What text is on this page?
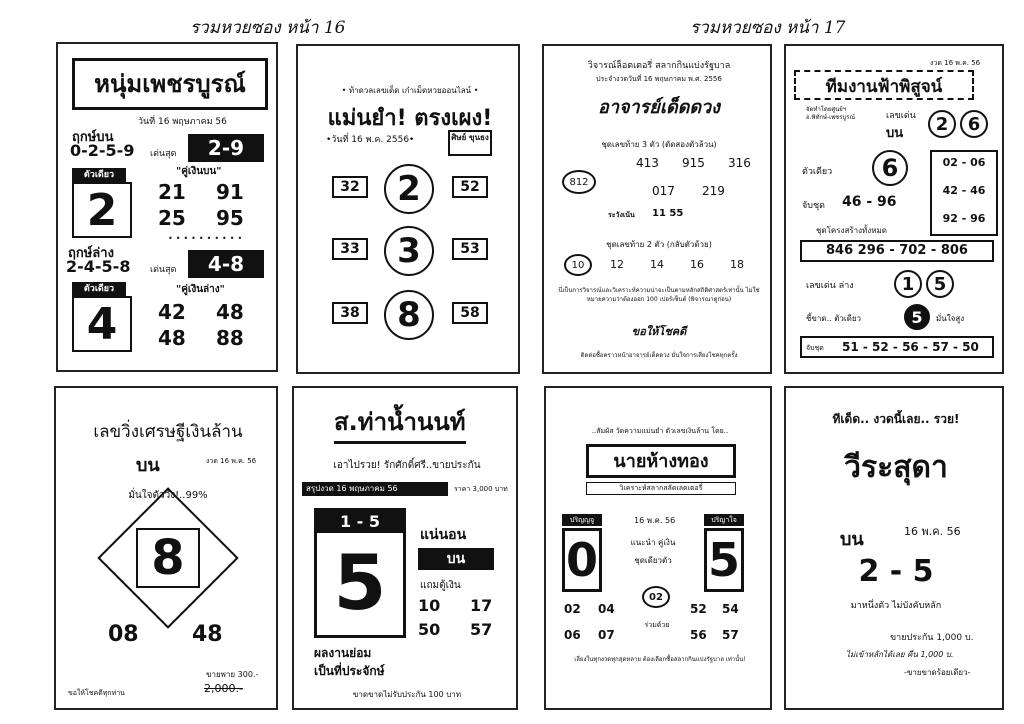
รวมหวยซอง หน้า 16	รวมหวยซอง หน้า 17
หนุ่มเพชรบูรณ์
วันที่ 16 พฤษภาคม 56
ฤกษ์บน
0-2-5-9 เด่นสุด	2-9
ตัวเดียว
2
"คู่เงินบน"
21 91
25 95
••••••••••
ฤกษ์ล่าง
2-4-5-8 เด่นสุด	4-8
ตัวเดียว
4
"คู่เงินล่าง"
42 48
48 88
• ท้าดวลเลขเด็ด เก๋าเม็ดหวยออนไลน์ •
แม่นยำ! ตรงเผง!
•วันที่ 16 พ.ค. 2556•	ศิษย์ ขุนธง
32	2	52
33	3	53
38	8	58
วิจารณ์ล็อตเตอรี่ สลากกินแบ่งรัฐบาล
ประจำงวดวันที่ 16 พฤษภาคม พ.ศ. 2556
อาจารย์เด็ดดวง
ชุดเลขท้าย 3 ตัว (ตัดสองตัวล้วน)
812
413 915 316
017 219
ระวังเน้น 11 55
ชุดเลขท้าย 2 ตัว (กลับตัวด้วย)
10	12 14 16 18
นี่เป็นการวิจารณ์และวิเคราะห์ความน่าจะเป็นตามหลักสถิติศาสตร์เท่านั้น ไม่ใช่หมายความว่าต้องออก 100 เปอร์เซ็นต์ (พิจารณาดูก่อน)
ขอให้โชคดี
ติดต่อซื้อคราวหน้าอาจารย์เด็ดดวง มั่นใจการเสี่ยงโชคทุกครั้ง
งวด 16 พ.ค. 56
ทีมงานฟ้าพิสูจน์
จัดทำโดยศูนย์ฯ อ.พิทักษ์-เพชรบูรณ์	เลขเด่น
บน	2	6
ตัวเดียว	6
จับชุด 46 - 96
02 - 06
42 - 46
92 - 96
ชุดโครงสร้างทั้งหมด
846 296 - 702 - 806
เลขเด่น ล่าง	1	5
ชี้ขาด.. ตัวเดียว	5	มั่นใจสูง
จับชุด 51 - 52 - 56 - 57 - 50
เลขวิ่งเศรษฐีเงินล้าน
บน	งวด 16 พ.ค. 56
มั่นใจตัววิ่ง!..99%
8
08 48
ขายพาย 300.-
2,000.-
ขอให้โชคดีทุกท่าน
ส.ท่าน้ำนนท์
เอาไปรวย! รักศักดิ์ศรี..ขายประกัน
สรุปงวด 16 พฤษภาคม 56	ราคา 3,000 บาท
1 - 5
5
แน่นอน
บน
แถมตู้เงิน
10 17
50 57
ผลงานย่อม
เป็นที่ประจักษ์
ขาดขาดไม่รับประกัน 100 บาท
..สัมผัส วัดความแม่นยำ ตัวเลขเงินล้าน โดย..
นายห้างทอง
วิเคราะห์สลากสลัดเลตเตอรี่
16 พ.ค. 56
ปริญญจู	ปริญาใจ
0 5
แนะนำ คู่เงิน
ชุดเดียวตัว
02
02 04
06 07
52 54
56 57
ร่วมด้วย
เลี่ยงในทุกงวดทุกสุดหลาย ต้องเลือกซื้อสลากกินแบ่งรัฐบาล เท่านั้น!
ทีเด็ด.. งวดนี้เลย.. รวย!
วีระสุดา
บน	16 พ.ค. 56
2 - 5
มาหนึ่งตัว ไม่บังคับหลัก
ขายประกัน 1,000 บ.
ไม่เข้าหลักได้เลย คืน 1,000 บ.
-ขายขาดร้อยเดียว-
